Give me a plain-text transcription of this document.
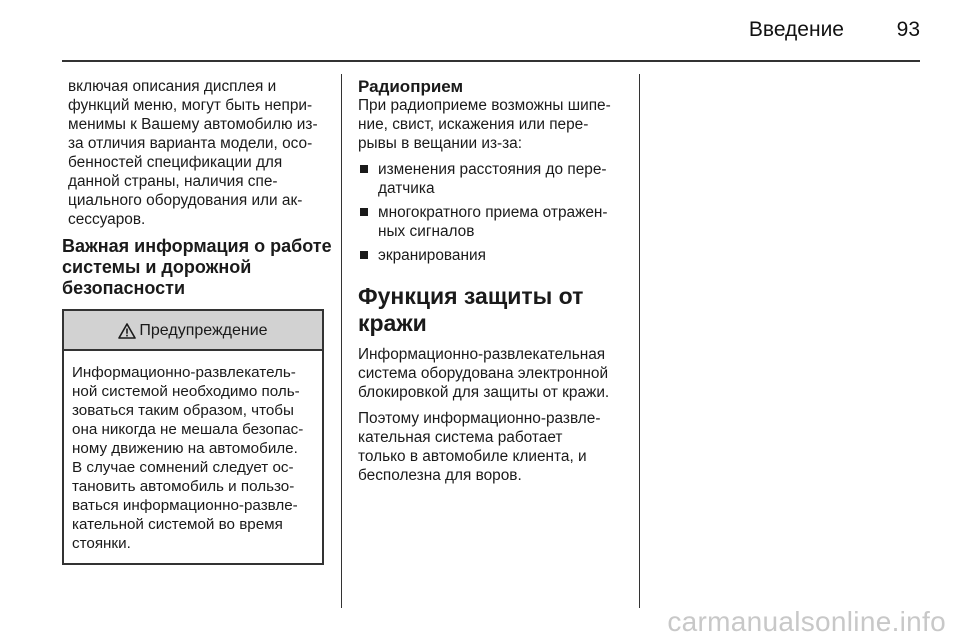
Введение	93

включая описания дисплея и
функций меню, могут быть непри-
менимы к Вашему автомобилю из-
за отличия варианта модели, осо-
бенностей спецификации для
данной страны, наличия спе-
циального оборудования или ак-
сессуаров.

Важная информация о работе
системы и дорожной
безопасности
Предупреждение
Информационно-развлекатель-
ной системой необходимо поль-
зоваться таким образом, чтобы
она никогда не мешала безопас-
ному движению на автомобиле.
В случае сомнений следует ос-
тановить автомобиль и пользо-
ваться информационно-развле-
кательной системой во время
стоянки.
Радиоприем

При радиоприеме возможны шипе-
ние, свист, искажения или пере-
рывы в вещании из-за:

изменения расстояния до пере-
датчика
многократного приема отражен-
ных сигналов
экранирования
Функция защиты от
кражи

Информационно-развлекательная
система оборудована электронной
блокировкой для защиты от кражи.

Поэтому информационно-развле-
кательная система работает
только в автомобиле клиента, и
бесполезна для воров.

carmanualsonline.info
